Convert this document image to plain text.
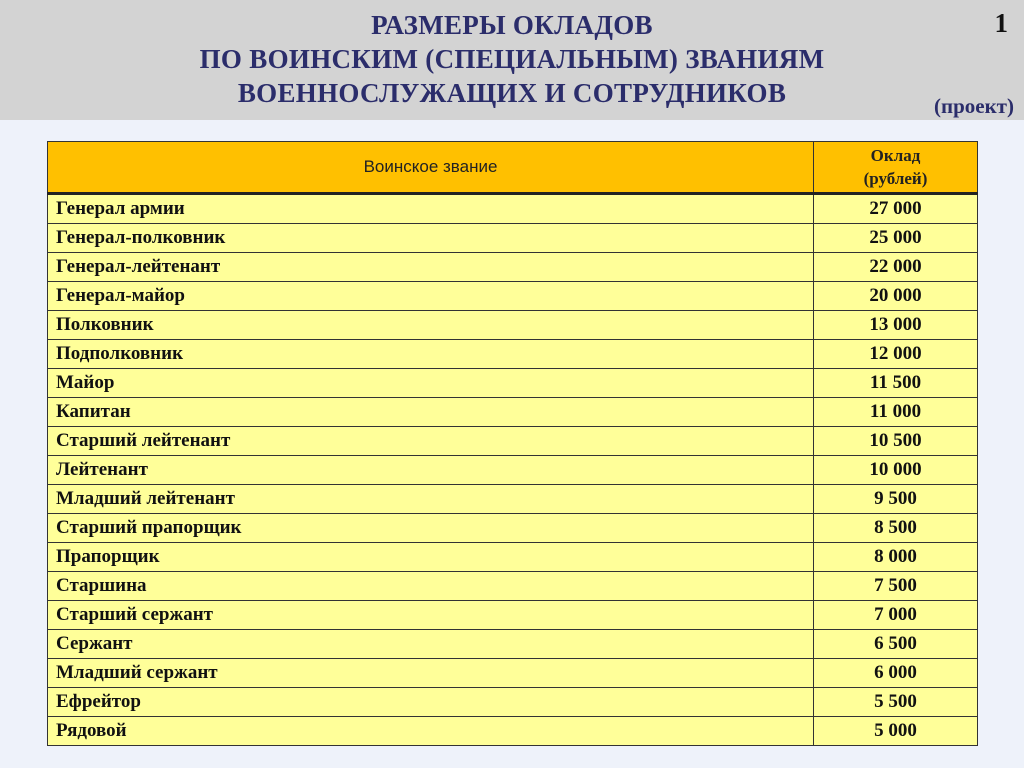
РАЗМЕРЫ ОКЛАДОВ
ПО ВОИНСКИМ (СПЕЦИАЛЬНЫМ) ЗВАНИЯМ
ВОЕННОСЛУЖАЩИХ И СОТРУДНИКОВ
1
(проект)
Воинское звание	Оклад
(рублей)

Генерал армии	27 000
Генерал-полковник	25 000
Генерал-лейтенант	22 000
Генерал-майор	20 000
Полковник	13 000
Подполковник	12 000
Майор	11 500
Капитан	11 000
Старший лейтенант	10 500
Лейтенант	10 000
Младший лейтенант	9 500
Старший прапорщик	8 500
Прапорщик	8 000
Старшина	7 500
Старший сержант	7 000
Сержант	6 500
Младший сержант	6 000
Ефрейтор	5 500
Рядовой	5 000
